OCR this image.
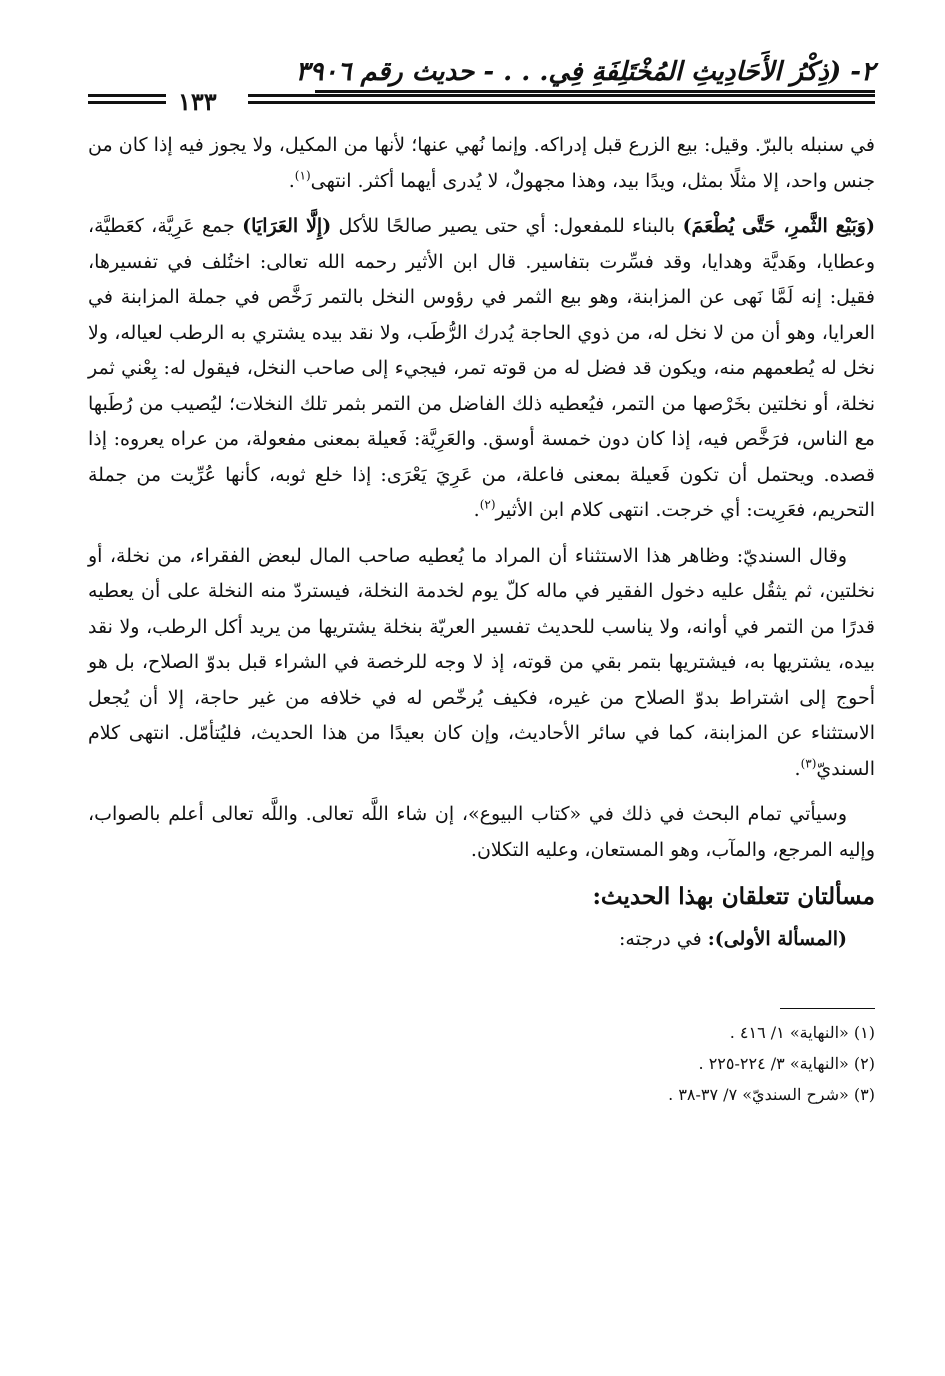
٢- (ذِكْرُ الأَحَادِيثِ المُخْتَلِفَةِ فِي. . . - حديث رقم ٣٩٠٦
١٣٣

في سنبله بالبرّ. وقيل: بيع الزرع قبل إدراكه. وإنما نُهي عنها؛ لأنها من المكيل، ولا يجوز فيه إذا كان من جنس واحد، إلا مثلًا بمثل، ويدًا بيد، وهذا مجهولٌ، لا يُدرى أيهما أكثر. انتهى$^{(١)}$.

(وَبَيْع الثَّمرِ، حَتَّى يُطْعَمَ) بالبناء للمفعول: أي حتى يصير صالحًا للأكل (إِلَّا العَرَايَا) جمع عَرِيَّة، كعَطيَّة، وعطايا، وهَديَّة وهدايا، وقد فسِّرت بتفاسير. قال ابن الأثير رحمه الله تعالى: اختُلف في تفسيرها، فقيل: إنه لَمَّا نَهى عن المزابنة، وهو بيع الثمر في رؤوس النخل بالتمر رَخَّص في جملة المزابنة في العرايا، وهو أن من لا نخل له، من ذوي الحاجة يُدرك الرُّطَب، ولا نقد بيده يشتري به الرطب لعياله، ولا نخل له يُطعمهم منه، ويكون قد فضل له من قوته تمر، فيجيء إلى صاحب النخل، فيقول له: بِعْني ثمر نخلة، أو نخلتين بخَرْصها من التمر، فيُعطيه ذلك الفاضل من التمر بثمر تلك النخلات؛ ليُصيب من رُطَبها مع الناس، فرَخَّص فيه، إذا كان دون خمسة أوسق. والعَرِيَّة: فَعيلة بمعنى مفعولة، من عراه يعروه: إذا قصده. ويحتمل أن تكون فَعيلة بمعنى فاعلة، من عَرِيَ يَعْرَى: إذا خلع ثوبه، كأنها عُرِّيت من جملة التحريم، فعَرِيت: أي خرجت. انتهى كلام ابن الأثير$^{(٢)}$.

وقال السنديّ: وظاهر هذا الاستثناء أن المراد ما يُعطيه صاحب المال لبعض الفقراء، من نخلة، أو نخلتين، ثم يثقُل عليه دخول الفقير في ماله كلّ يوم لخدمة النخلة، فيستردّ منه النخلة على أن يعطيه قدرًا من التمر في أوانه، ولا يناسب للحديث تفسير العريّة بنخلة يشتريها من يريد أكل الرطب، ولا نقد بيده، يشتريها به، فيشتريها بتمر بقي من قوته، إذ لا وجه للرخصة في الشراء قبل بدوّ الصلاح، بل هو أحوج إلى اشتراط بدوّ الصلاح من غيره، فكيف يُرخّص له في خلافه من غير حاجة، إلا أن يُجعل الاستثناء عن المزابنة، كما في سائر الأحاديث، وإن كان بعيدًا من هذا الحديث، فليُتأمّل. انتهى كلام السنديّ$^{(٣)}$.

وسيأتي تمام البحث في ذلك في «كتاب البيوع»، إن شاء اللَّه تعالى. واللَّه تعالى أعلم بالصواب، وإليه المرجع، والمآب، وهو المستعان، وعليه التكلان.

مسألتان تتعلقان بهذا الحديث:
(المسألة الأولى): في درجته:
(١) «النهاية» ١/ ٤١٦ .
(٢) «النهاية» ٣/ ٢٢٤-٢٢٥ .
(٣) «شرح السنديّ» ٧/ ٣٧-٣٨ .
